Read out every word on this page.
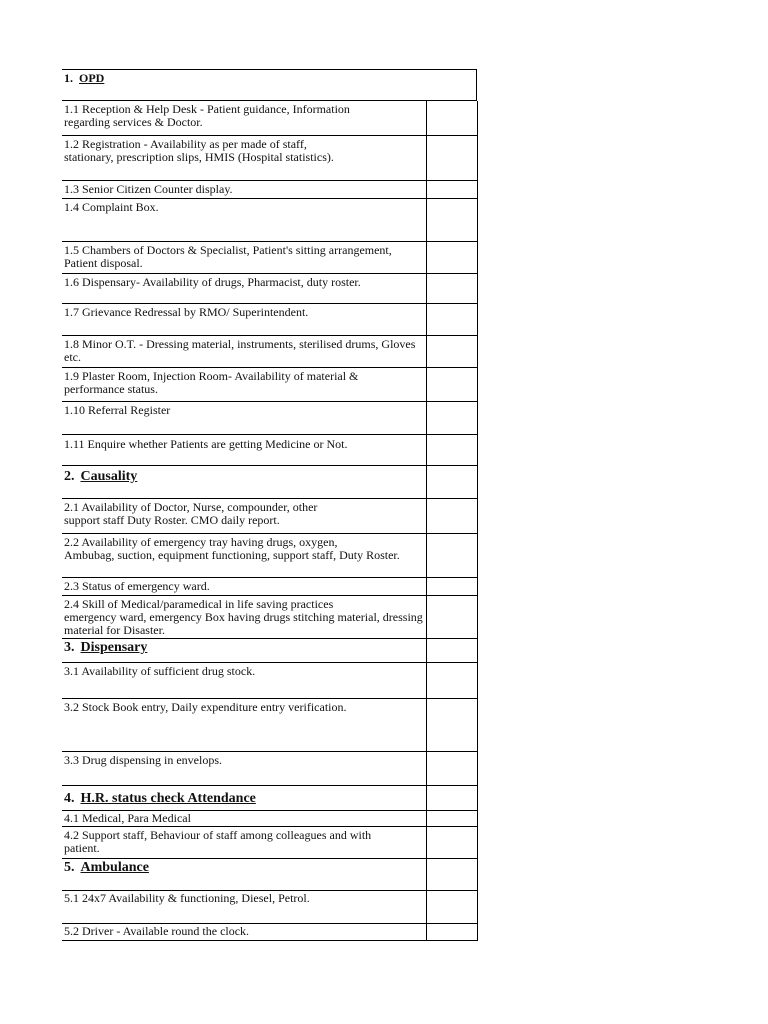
1. OPD
1.1 Reception & Help Desk - Patient guidance, Information
regarding services & Doctor.
1.2 Registration - Availability as per made of staff,
stationary, prescription slips, HMIS (Hospital statistics).
1.3 Senior Citizen Counter display.
1.4 Complaint Box.
1.5 Chambers of Doctors & Specialist, Patient's sitting arrangement,
Patient disposal.
1.6 Dispensary- Availability of drugs, Pharmacist, duty roster.
1.7 Grievance Redressal by RMO/ Superintendent.
1.8 Minor O.T. - Dressing material, instruments, sterilised drums, Gloves
etc.
1.9 Plaster Room, Injection Room- Availability of material &
performance status.
1.10 Referral Register
1.11 Enquire whether Patients are getting Medicine or Not.
2. Causality
2.1 Availability of Doctor, Nurse, compounder, other
support staff Duty Roster. CMO daily report.
2.2 Availability of emergency tray having drugs, oxygen,
Ambubag, suction, equipment functioning, support staff, Duty Roster.
2.3 Status of emergency ward.
2.4 Skill of Medical/paramedical in life saving practices
emergency ward, emergency Box having drugs stitching material, dressing
material for Disaster.
3. Dispensary
3.1 Availability of sufficient drug stock.
3.2 Stock Book entry, Daily expenditure entry verification.
3.3 Drug dispensing in envelops.
4. H.R. status check Attendance
4.1 Medical, Para Medical
4.2 Support staff, Behaviour of staff among colleagues and with
patient.
5. Ambulance
5.1 24x7 Availability & functioning, Diesel, Petrol.
5.2 Driver - Available round the clock.
